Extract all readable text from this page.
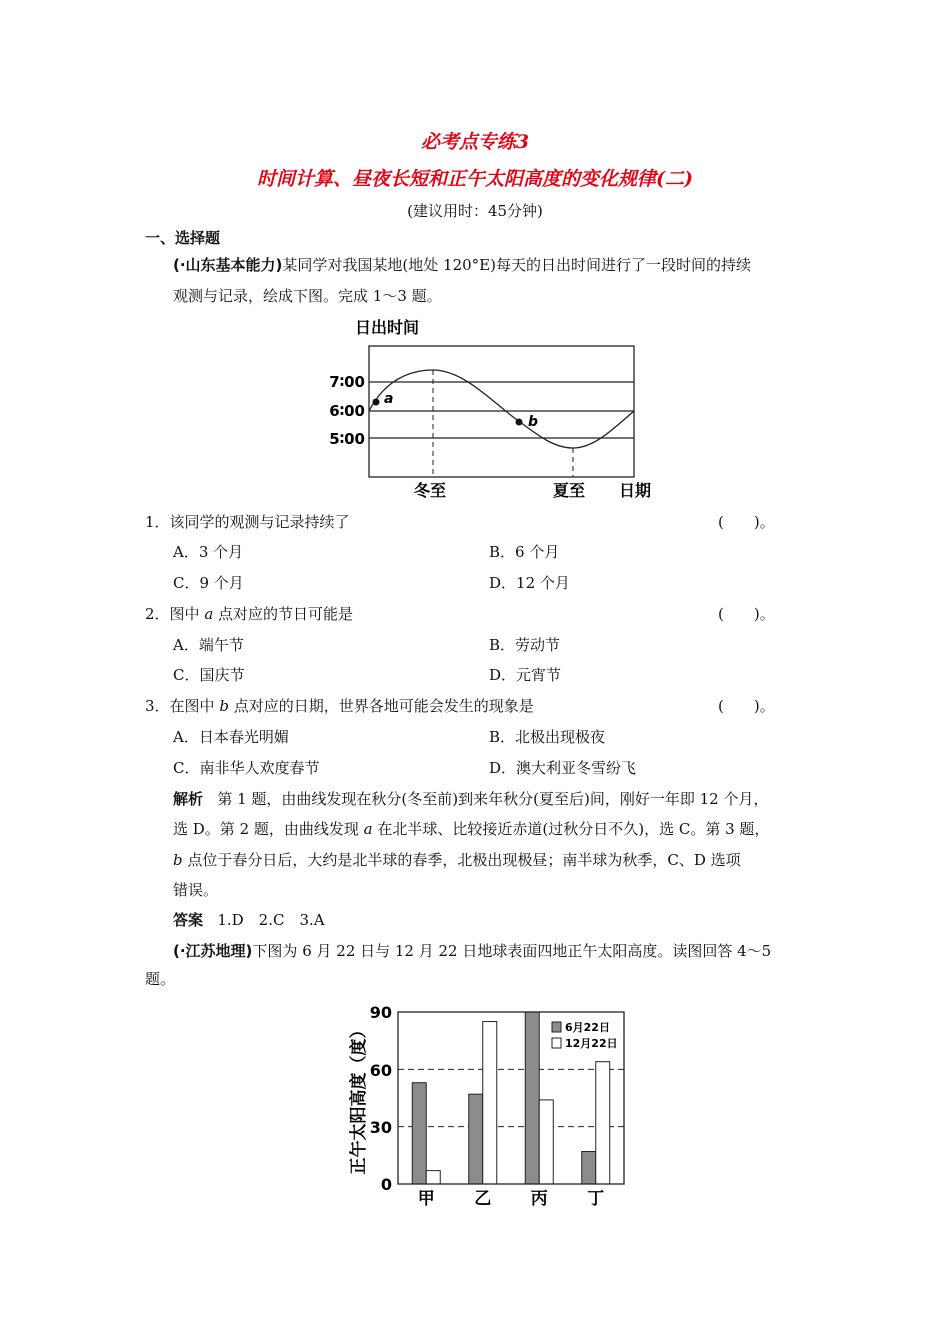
必考点专练3
时间计算、昼夜长短和正午太阳高度的变化规律(二)
(建议用时：45分钟)
一、选择题
(·山东基本能力)某同学对我国某地(地处 120°E)每天的日出时间进行了一段时间的持续
观测与记录，绘成下图。完成 1～3 题。
日出时间
7∶00
6∶00
5∶00
a
b
冬至	夏至 日期
1．该同学的观测与记录持续了	(　　)。
A．3 个月	B．6 个月
C．9 个月	D．12 个月
2．图中 a 点对应的节日可能是	(　　)。
A．端午节	B．劳动节
C．国庆节	D．元宵节
3．在图中 b 点对应的日期，世界各地可能会发生的现象是	(　　)。
A．日本春光明媚	B．北极出现极夜
C．南非华人欢度春节	D．澳大利亚冬雪纷飞
解析 第 1 题，由曲线发现在秋分(冬至前)到来年秋分(夏至后)间，刚好一年即 12 个月，
选 D。第 2 题，由曲线发现 a 在北半球、比较接近赤道(过秋分日不久)，选 C。第 3 题，
b 点位于春分日后，大约是北半球的春季，北极出现极昼；南半球为秋季，C、D 选项
错误。
答案 1.D　2.C　3.A
(·江苏地理)下图为 6 月 22 日与 12 月 22 日地球表面四地正午太阳高度。读图回答 4～5
题。
正午太阳高度（度）	6月22日
12月22日
0
30
60
90
甲 乙 丙 丁
